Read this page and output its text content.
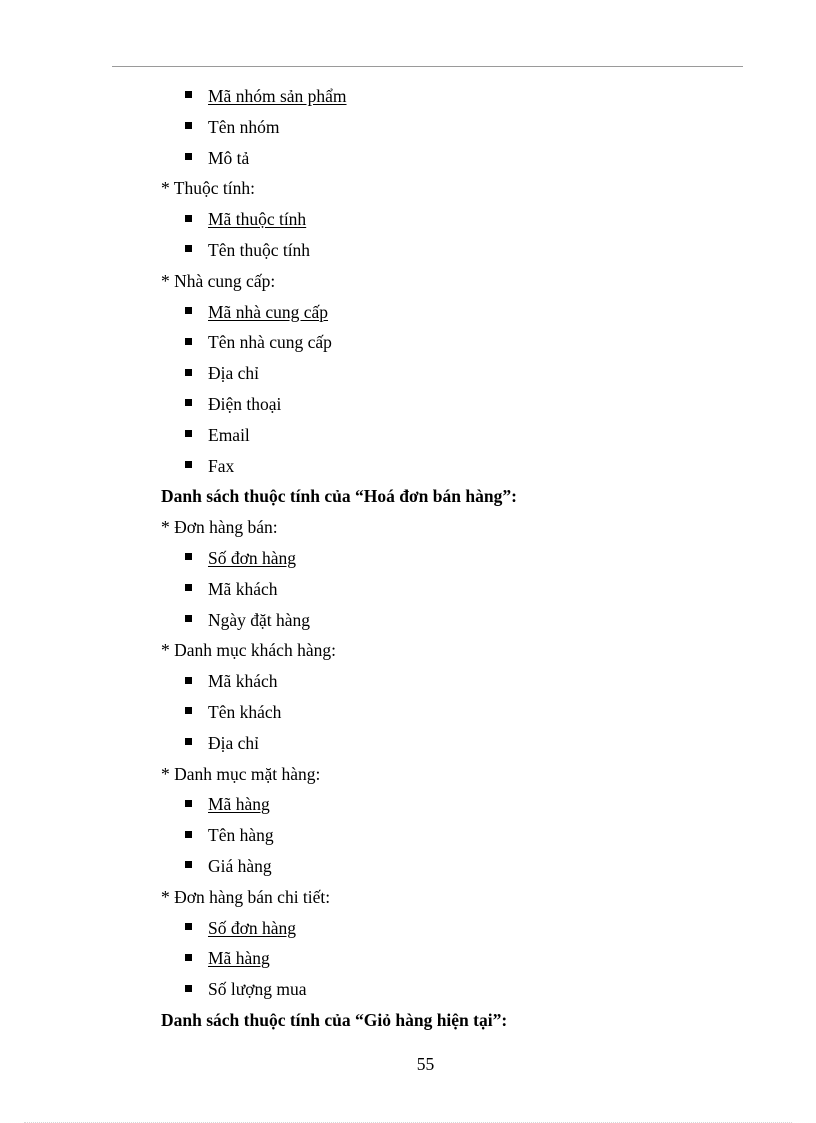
Mã nhóm sản phẩm
Tên nhóm
Mô tả
* Thuộc tính:
Mã thuộc tính
Tên thuộc tính
* Nhà cung cấp:
Mã nhà cung cấp
Tên nhà cung cấp
Địa chỉ
Điện thoại
Email
Fax
Danh sách thuộc tính của “Hoá đơn bán hàng”:
* Đơn hàng bán:
Số đơn hàng
Mã khách
Ngày đặt hàng
* Danh mục khách hàng:
Mã khách
Tên khách
Địa chỉ
* Danh mục mặt hàng:
Mã hàng
Tên hàng
Giá hàng
* Đơn hàng bán chi tiết:
Số đơn hàng
Mã hàng
Số lượng mua
Danh sách thuộc tính của “Giỏ hàng hiện tại”:
55
